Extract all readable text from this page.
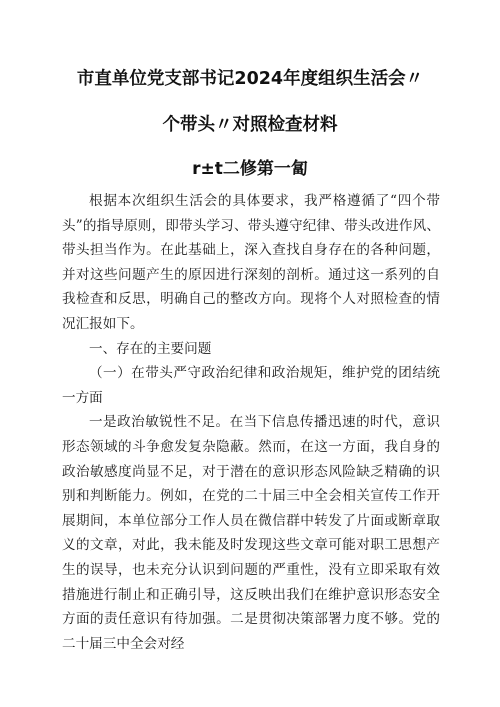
市直单位党支部书记2024年度组织生活会〃
个带头〃对照检查材料
r±t二修第一匐

根据本次组织生活会的具体要求，我严格遵循了“四个带头”的指导原则，即带头学习、带头遵守纪律、带头改进作风、带头担当作为。在此基础上，深入查找自身存在的各种问题，并对这些问题产生的原因进行深刻的剖析。通过这一系列的自我检查和反思，明确自己的整改方向。现将个人对照检查的情况汇报如下。

一、存在的主要问题

（一）在带头严守政治纪律和政治规矩，维护党的团结统一方面

一是政治敏锐性不足。在当下信息传播迅速的时代，意识形态领域的斗争愈发复杂隐蔽。然而，在这一方面，我自身的政治敏感度尚显不足，对于潜在的意识形态风险缺乏精确的识别和判断能力。例如，在党的二十届三中全会相关宣传工作开展期间，本单位部分工作人员在微信群中转发了片面或断章取义的文章，对此，我未能及时发现这些文章可能对职工思想产生的误导，也未充分认识到问题的严重性，没有立即采取有效措施进行制止和正确引导，这反映出我们在维护意识形态安全方面的责任意识有待加强。二是贯彻决策部署力度不够。党的二十届三中全会对经
